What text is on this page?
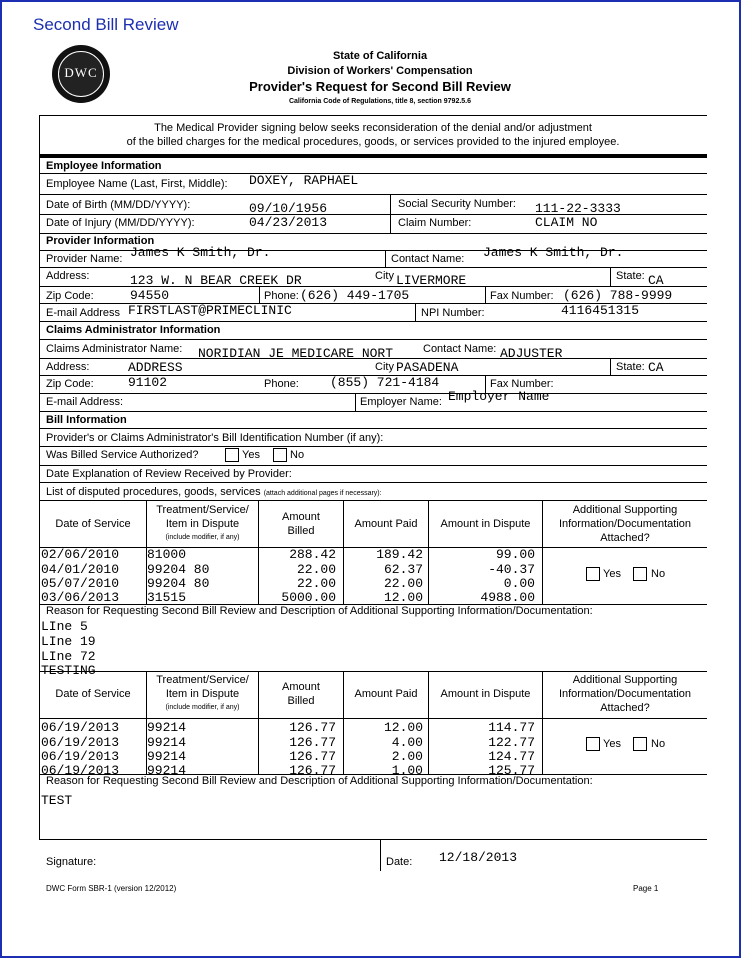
Second Bill Review
DWC
State of California
Division of Workers' Compensation
Provider's Request for Second Bill Review
California Code of Regulations, title 8, section 9792.5.6
The Medical Provider signing below seeks reconsideration of the denial and/or adjustment
of the billed charges for the medical procedures, goods, or services provided to the injured employee.
Employee Information
Employee Name (Last, First, Middle): DOXEY, RAPHAEL
Date of Birth (MM/DD/YYYY):	09/10/1956	Social Security Number: 111-22-3333
Date of Injury (MM/DD/YYYY):	04/23/2013	Claim Number:	CLAIM NO
Provider Information
Provider Name: James K Smith, Dr.	Contact Name: James K Smith, Dr.
Address:	123 W. N BEAR CREEK DR	City LIVERMORE	State: CA
Zip Code:	94550	Phone: (626) 449-1705	Fax Number: (626) 788-9999
E-mail Address FIRSTLAST@PRIMECLINIC	NPI Number:	4116451315
Claims Administrator Information
Claims Administrator Name: NORIDIAN JE MEDICARE NORT	Contact Name: ADJUSTER
Address:	ADDRESS	City PASADENA	State: CA
Zip Code:	91102	Phone: (855) 721-4184	Fax Number:
E-mail Address:	Employer Name: Employer Name
Bill Information
Provider's or Claims Administrator's Bill Identification Number (if any):
Was Billed Service Authorized?	Yes	No
Date Explanation of Review Received by Provider:
List of disputed procedures, goods, services (attach additional pages if necessary):
Date of Service
Treatment/Service/
Item in Dispute
(include modifier, if any)
Amount
Billed
Amount Paid	Amount in Dispute
Additional Supporting
Information/Documentation
Attached?
02/06/2010 81000	288.42	189.42	99.00
04/01/2010 99204 80	22.00	62.37	-40.37
05/07/2010 99204 80	22.00	22.00	0.00
03/06/2013 31515	5000.00	12.00	4988.00
Yes	No
Reason for Requesting Second Bill Review and Description of Additional Supporting Information/Documentation:
LIne 5
LIne 19
LIne 72
TESTING
Date of Service
Treatment/Service/
Item in Dispute
(include modifier, if any)
Amount
Billed
Amount Paid	Amount in Dispute
Additional Supporting
Information/Documentation
Attached?
06/19/2013 99214	126.77	12.00	114.77
06/19/2013 99214	126.77	4.00	122.77
06/19/2013 99214	126.77	2.00	124.77
06/19/2013 99214	126.77	1.00	125.77
Yes	No
Reason for Requesting Second Bill Review and Description of Additional Supporting Information/Documentation:
TEST
Signature:	Date: 12/18/2013
DWC Form SBR-1 (version 12/2012)	Page 1
